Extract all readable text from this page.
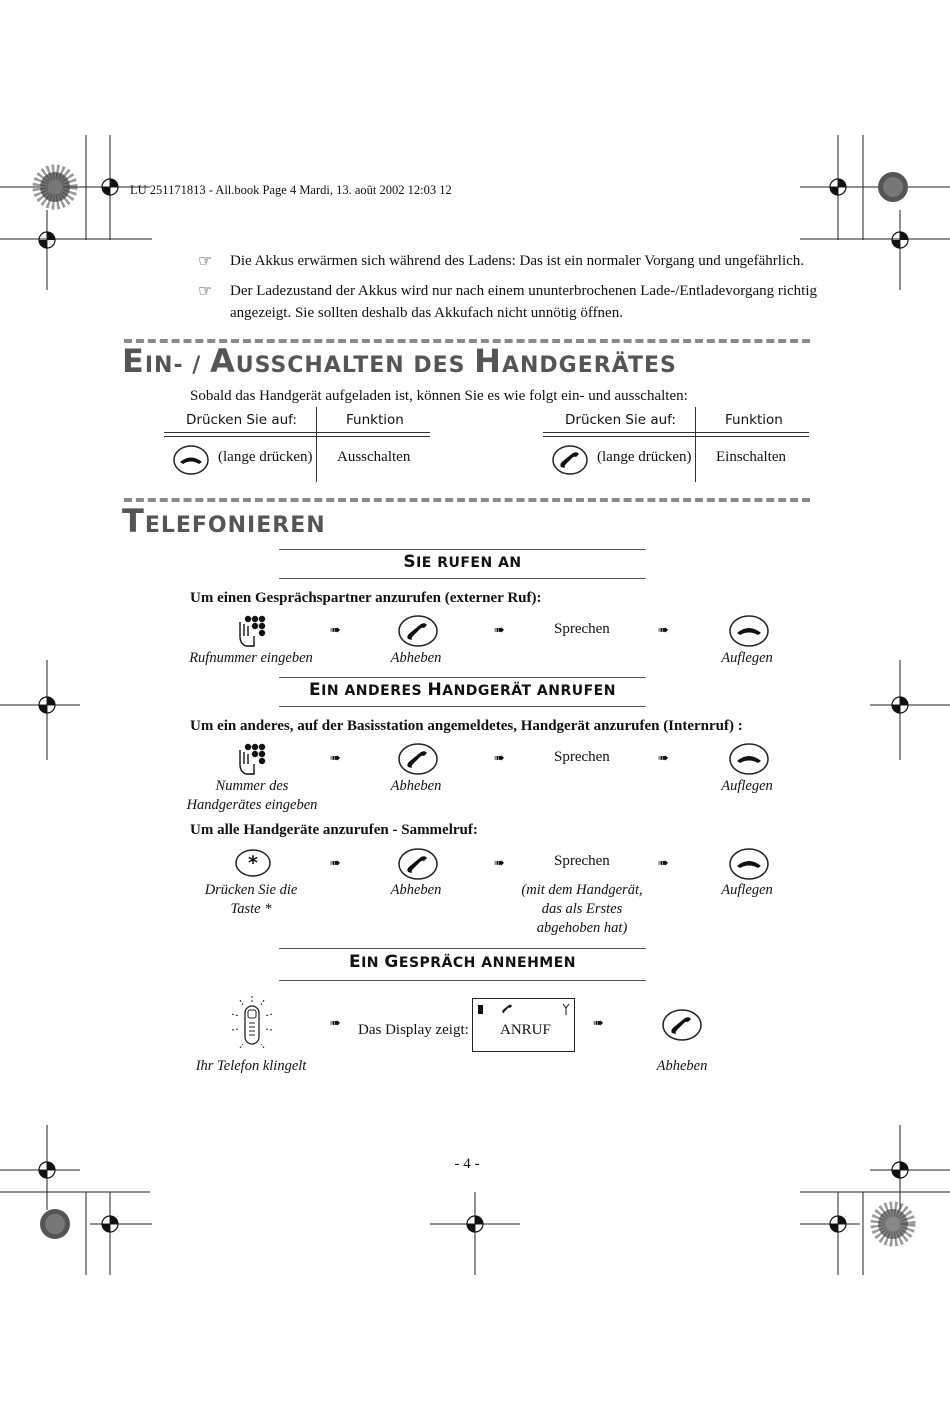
LU 251171813 - All.book Page 4 Mardi, 13. août 2002 12:03 12
☞ Die Akkus erwärmen sich während des Ladens: Das ist ein normaler Vorgang und ungefährlich.
☞ Der Ladezustand der Akkus wird nur nach einem ununterbrochenen Lade-/Entladevorgang richtig
angezeigt. Sie sollten deshalb das Akkufach nicht unnötig öffnen.
EIN- / AUSSCHALTEN DES HANDGERÄTES
Sobald das Handgerät aufgeladen ist, können Sie es wie folgt ein- und ausschalten:
Drücken Sie auf:	Funktion
(lange drücken) Ausschalten
Drücken Sie auf:	Funktion
(lange drücken) Einschalten
TELEFONIEREN
SIE RUFEN AN
Um einen Gesprächspartner anzurufen (externer Ruf):
➠	➠	Sprechen	➠
Rufnummer eingeben	Abheben	Auflegen
EIN ANDERES HANDGERÄT ANRUFEN
Um ein anderes, auf der Basisstation angemeldetes, Handgerät anzurufen (Internruf) :
➠	➠	Sprechen	➠
Nummer des
Handgerätes eingeben
Abheben	Auflegen
Um alle Handgeräte anzurufen - Sammelruf:
*	➠	➠	Sprechen	➠
Drücken Sie die
Taste *
Abheben	(mit dem Handgerät,
das als Erstes
abgehoben hat)
Auflegen
EIN GESPRÄCH ANNEHMEN
➠ Das Display zeigt: ANRUF	➠
Ihr Telefon klingelt	Abheben
- 4 -
